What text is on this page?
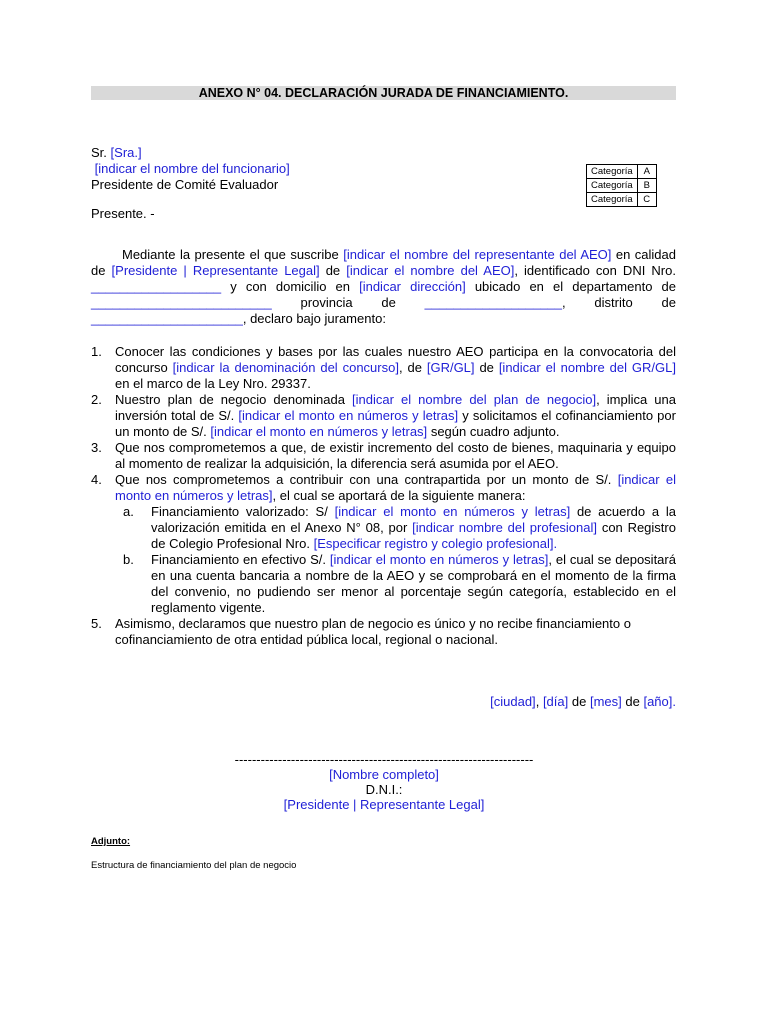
ANEXO N° 04. DECLARACIÓN JURADA DE FINANCIAMIENTO.
Sr. [Sra.]
[indicar el nombre del funcionario]
Presidente de Comité Evaluador
Categoría	A
Categoría	B
Categoría	C
Presente. -
Mediante la presente el que suscribe [indicar el nombre del representante del AEO] en calidad de [Presidente | Representante Legal] de [indicar el nombre del AEO], identificado con DNI Nro. __________________ y con domicilio en [indicar dirección] ubicado en el departamento de _________________________ provincia de ___________________, distrito de _____________________, declaro bajo juramento:
1.	Conocer las condiciones y bases por las cuales nuestro AEO participa en la convocatoria del concurso [indicar la denominación del concurso], de [GR/GL] de [indicar el nombre del GR/GL] en el marco de la Ley Nro. 29337.
2.	Nuestro plan de negocio denominada [indicar el nombre del plan de negocio], implica una inversión total de S/. [indicar el monto en números y letras] y solicitamos el cofinanciamiento por un monto de S/. [indicar el monto en números y letras] según cuadro adjunto.
3.	Que nos comprometemos a que, de existir incremento del costo de bienes, maquinaria y equipo al momento de realizar la adquisición, la diferencia será asumida por el AEO.
4.	Que nos comprometemos a contribuir con una contrapartida por un monto de S/. [indicar el monto en números y letras], el cual se aportará de la siguiente manera:
a.	Financiamiento valorizado: S/ [indicar el monto en números y letras] de acuerdo a la valorización emitida en el Anexo N° 08, por [indicar nombre del profesional] con Registro de Colegio Profesional Nro. [Especificar registro y colegio profesional].
b.	Financiamiento en efectivo S/. [indicar el monto en números y letras], el cual se depositará en una cuenta bancaria a nombre de la AEO y se comprobará en el momento de la firma del convenio, no pudiendo ser menor al porcentaje según categoría, establecido en el reglamento vigente.
5.	Asimismo, declaramos que nuestro plan de negocio es único y no recibe financiamiento o cofinanciamiento de otra entidad pública local, regional o nacional.
[ciudad], [día] de [mes] de [año].
---------------------------------------------------------------------
[Nombre completo]
D.N.I.:
[Presidente | Representante Legal]
Adjunto:
Estructura de financiamiento del plan de negocio
